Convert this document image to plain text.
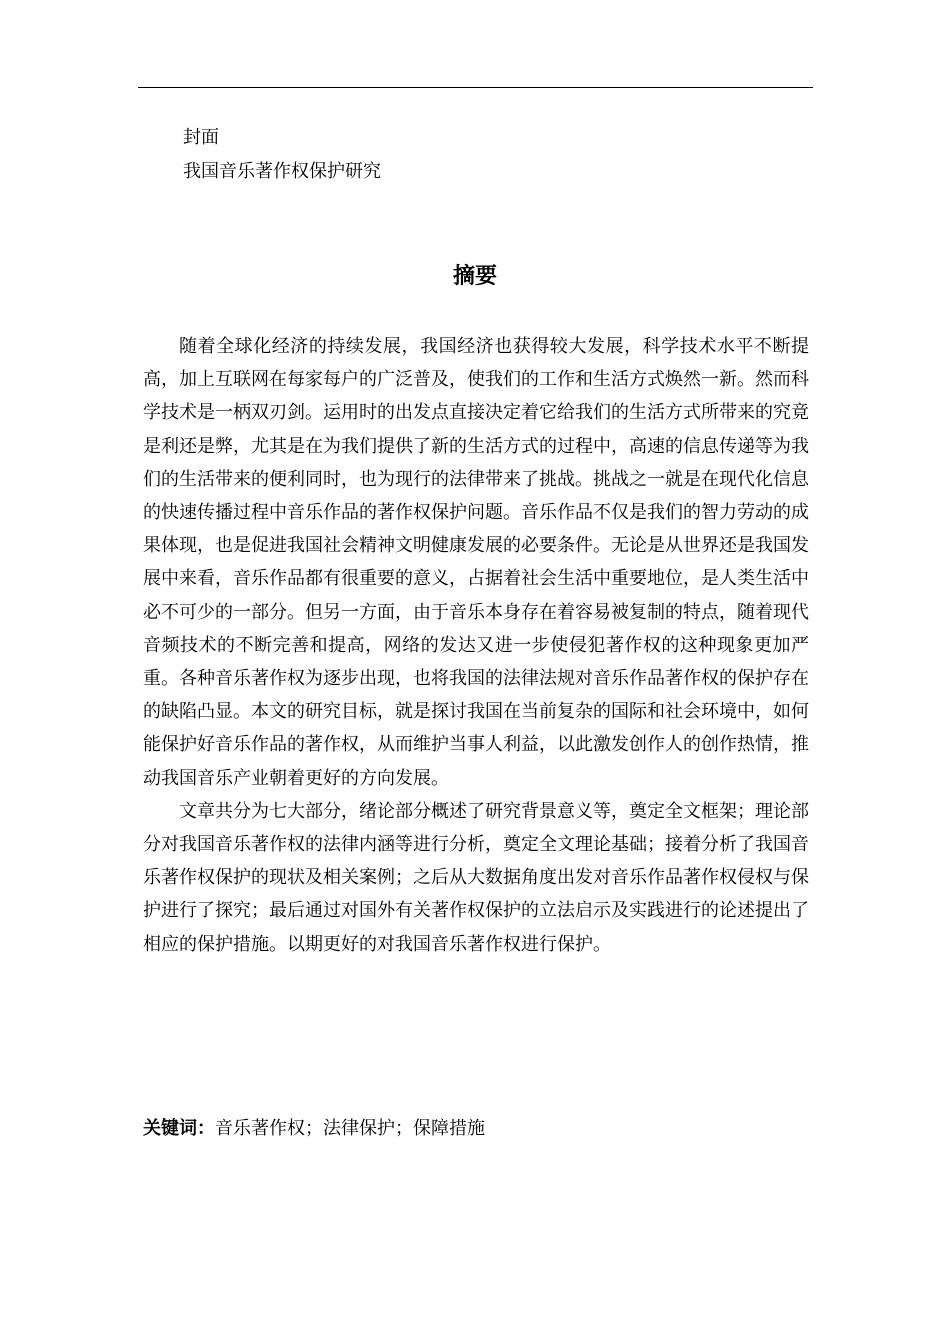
封面
我国音乐著作权保护研究
摘要

随着全球化经济的持续发展，我国经济也获得较大发展，科学技术水平不断提高，加上互联网在每家每户的广泛普及，使我们的工作和生活方式焕然一新。然而科学技术是一柄双刃剑。运用时的出发点直接决定着它给我们的生活方式所带来的究竟是利还是弊，尤其是在为我们提供了新的生活方式的过程中，高速的信息传递等为我们的生活带来的便利同时，也为现行的法律带来了挑战。挑战之一就是在现代化信息的快速传播过程中音乐作品的著作权保护问题。音乐作品不仅是我们的智力劳动的成果体现，也是促进我国社会精神文明健康发展的必要条件。无论是从世界还是我国发展中来看，音乐作品都有很重要的意义，占据着社会生活中重要地位，是人类生活中必不可少的一部分。但另一方面，由于音乐本身存在着容易被复制的特点，随着现代音频技术的不断完善和提高，网络的发达又进一步使侵犯著作权的这种现象更加严重。各种音乐著作权为逐步出现，也将我国的法律法规对音乐作品著作权的保护存在的缺陷凸显。本文的研究目标，就是探讨我国在当前复杂的国际和社会环境中，如何能保护好音乐作品的著作权，从而维护当事人利益，以此激发创作人的创作热情，推动我国音乐产业朝着更好的方向发展。

文章共分为七大部分，绪论部分概述了研究背景意义等，奠定全文框架；理论部分对我国音乐著作权的法律内涵等进行分析，奠定全文理论基础；接着分析了我国音乐著作权保护的现状及相关案例；之后从大数据角度出发对音乐作品著作权侵权与保护进行了探究；最后通过对国外有关著作权保护的立法启示及实践进行的论述提出了相应的保护措施。以期更好的对我国音乐著作权进行保护。

关键词：音乐著作权；法律保护；保障措施
